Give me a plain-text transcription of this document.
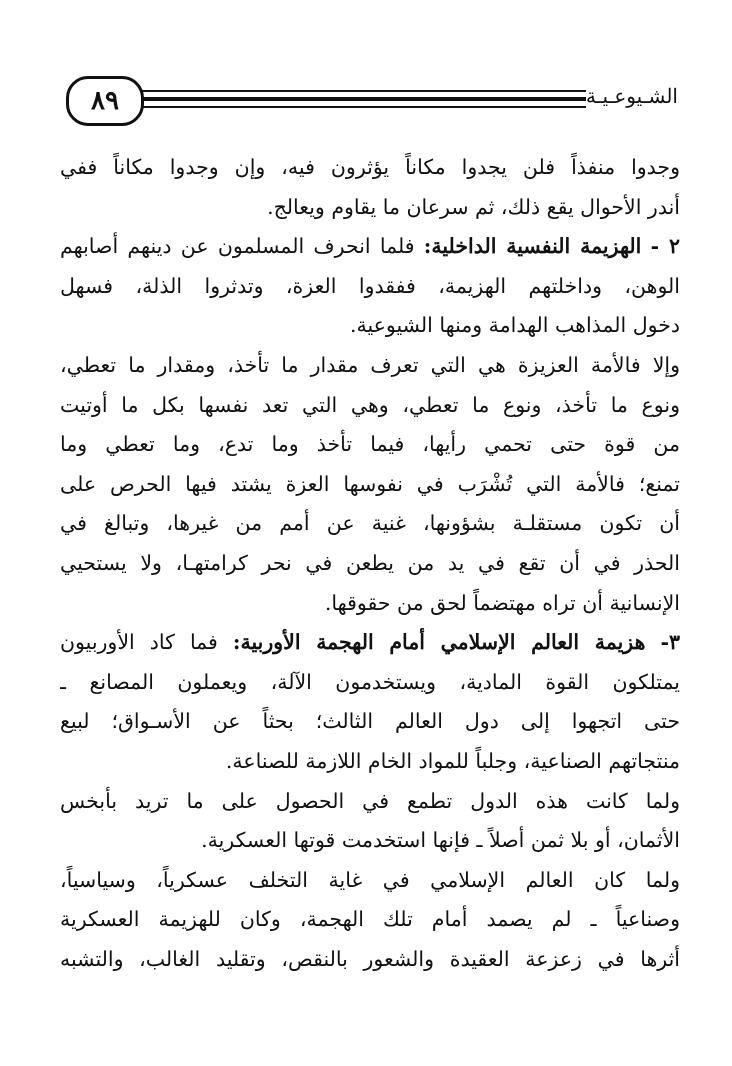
٨٩	الشـيوعـيـة
وجدوا منفذاً فلن يجدوا مكاناً يؤثرون فيه، وإن وجدوا مكاناً ففي
أندر الأحوال يقع ذلك، ثم سرعان ما يقاوم ويعالج.
٢ - الهزيمة النفسية الداخلية: فلما انحرف المسلمون عن دينهم أصابهم
الوهن، وداخلتهم الهزيمة، ففقدوا العزة، وتدثروا الذلة، فسهل
دخول المذاهب الهدامة ومنها الشيوعية.
وإلا فالأمة العزيزة هي التي تعرف مقدار ما تأخذ، ومقدار ما تعطي،
ونوع ما تأخذ، ونوع ما تعطي، وهي التي تعد نفسها بكل ما أوتيت
من قوة حتى تحمي رأيها، فيما تأخذ وما تدع، وما تعطي وما
تمنع؛ فالأمة التي تُشْرَب في نفوسها العزة يشتد فيها الحرص على
أن تكون مستقلـة بشؤونها، غنية عن أمم من غيرها، وتبالغ في
الحذر في أن تقع في يد من يطعن في نحر كرامتهـا، ولا يستحيي
الإنسانية أن تراه مهتضماً لحق من حقوقها.
٣- هزيمة العالم الإسلامي أمام الهجمة الأوربية: فما كاد الأوربيون
يمتلكون القوة المادية، ويستخدمون الآلة، ويعملون المصانع ـ
حتى اتجهوا إلى دول العالم الثالث؛ بحثاً عن الأسـواق؛ لبيع
منتجاتهم الصناعية، وجلباً للمواد الخام اللازمة للصناعة.
ولما كانت هذه الدول تطمع في الحصول على ما تريد بأبخس
الأثمان، أو بلا ثمن أصلاً ـ فإنها استخدمت قوتها العسكرية.
ولما كان العالم الإسلامي في غاية التخلف عسكرياً، وسياسياً،
وصناعياً ـ لم يصمد أمام تلك الهجمة، وكان للهزيمة العسكرية
أثرها في زعزعة العقيدة والشعور بالنقص، وتقليد الغالب، والتشبه
